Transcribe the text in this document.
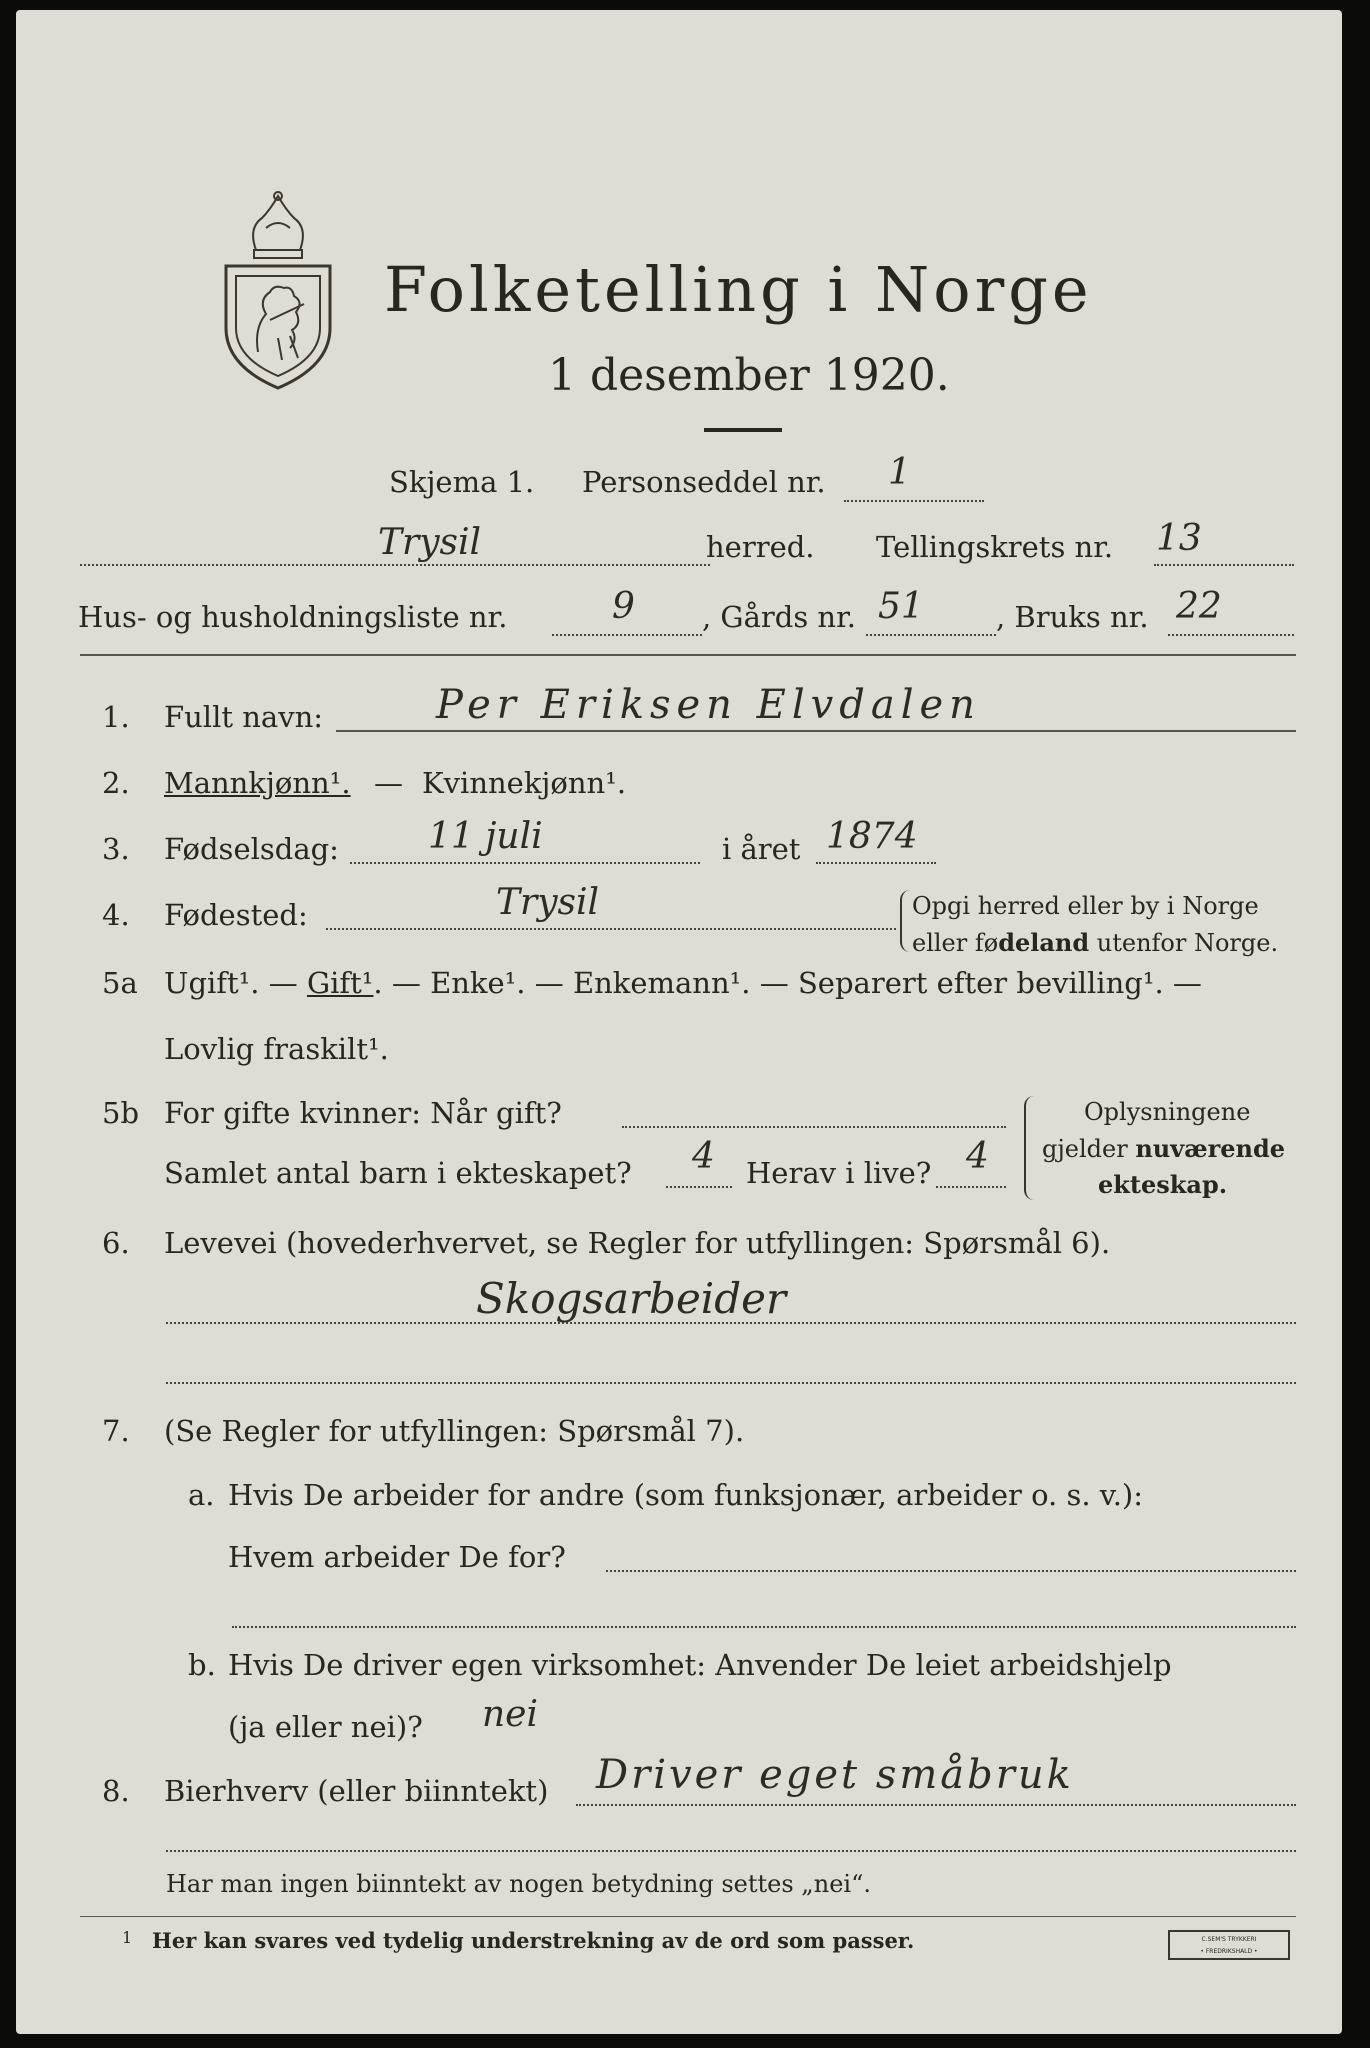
Folketelling i Norge
1 desember 1920.
Skjema 1. Personseddel nr. 1
Trysil	herred. Tellingskrets nr. 13
Hus- og husholdningsliste nr.	9 , Gårds nr. 51 , Bruks nr. 22
1. Fullt navn:	Per Eriksen Elvdalen
2. Mannkjønn¹. — Kvinnekjønn¹.
3. Fødselsdag: 11 juli	i året 1874
4. Fødested:	Trysil	Opgi herred eller by i Norge
eller fødeland utenfor Norge.
5a Ugift¹. — Gift¹. — Enke¹. — Enkemann¹. — Separert efter bevilling¹. —
Lovlig fraskilt¹.
5b For gifte kvinner: Når gift?
Samlet antal barn i ekteskapet? 4 Herav i live? 4
Oplysningene
gjelder nuværende
ekteskap.
6. Levevei (hovederhvervet, se Regler for utfyllingen: Spørsmål 6).
Skogsarbeider
7. (Se Regler for utfyllingen: Spørsmål 7).
a. Hvis De arbeider for andre (som funksjonær, arbeider o. s. v.):
Hvem arbeider De for?
b. Hvis De driver egen virksomhet: Anvender De leiet arbeidshjelp
(ja eller nei)? nei
8. Bierhverv (eller biinntekt) Driver eget småbruk
Har man ingen biinntekt av nogen betydning settes „nei“.
1 Her kan svares ved tydelig understrekning av de ord som passer.	C.SEM'S TRYKKERI
• FREDRIKSHALD •
